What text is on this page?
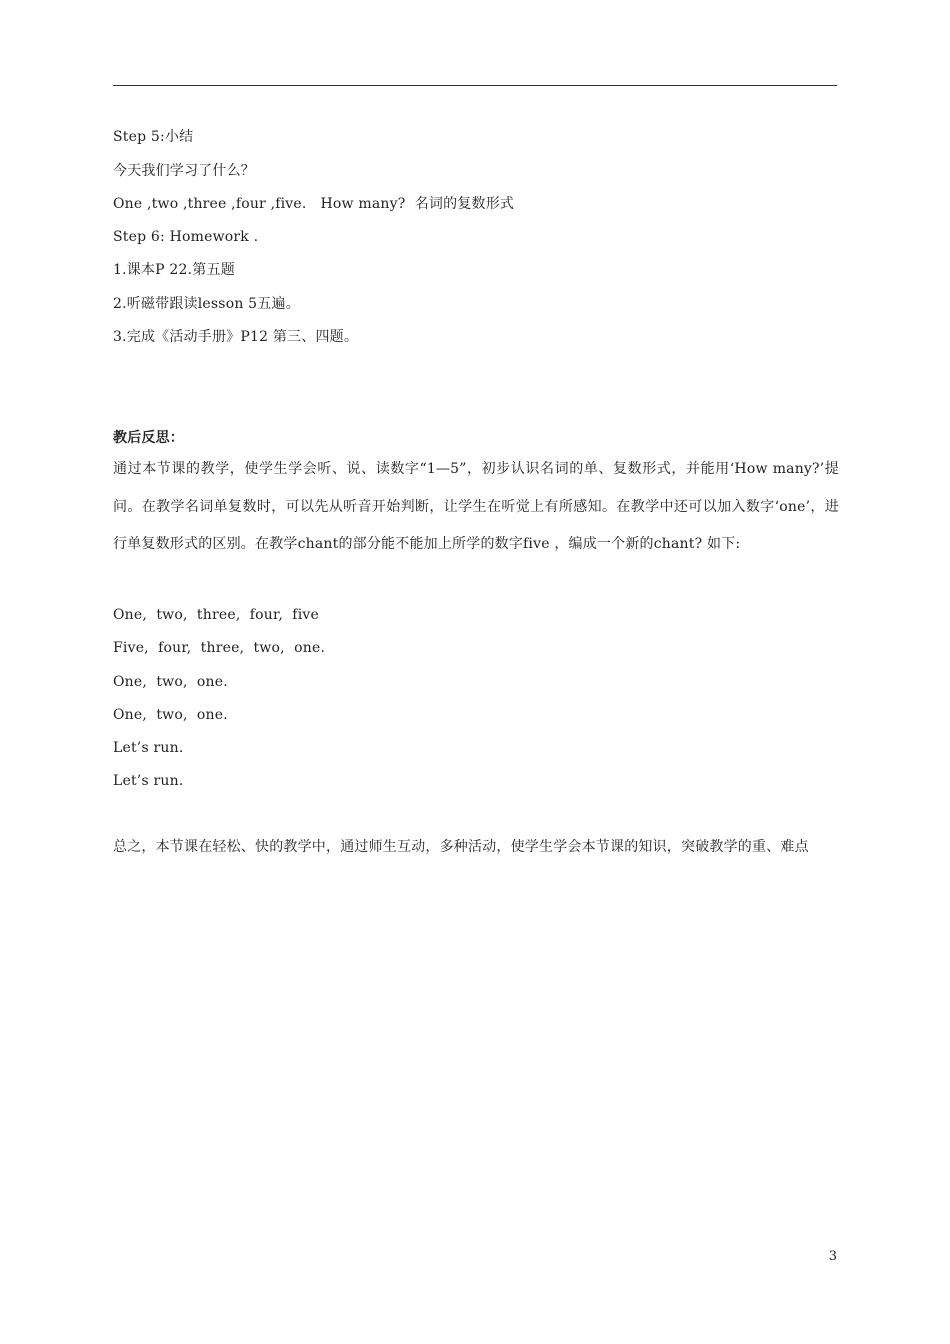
Step 5:小结
今天我们学习了什么？
One ,two ,three ,four ,five.   How many?  名词的复数形式
Step 6: Homework .
1.课本P 22.第五题
2.听磁带跟读lesson 5五遍。
3.完成《活动手册》P12 第三、四题。
教后反思：
通过本节课的教学，使学生学会听、说、读数字“1—5”，初步认识名词的单、复数形式，并能用‘How many?’提问。在教学名词单复数时，可以先从听音开始判断，让学生在听觉上有所感知。在教学中还可以加入数字‘one’，进行单复数形式的区别。在教学chant的部分能不能加上所学的数字five ，编成一个新的chant? 如下:
One,  two,  three,  four,  five
Five,  four,  three,  two,  one.
One,  two,  one.
One,  two,  one.
Let’s run.
Let’s run.
总之，本节课在轻松、快的教学中，通过师生互动，多种活动，使学生学会本节课的知识，突破教学的重、难点
3
